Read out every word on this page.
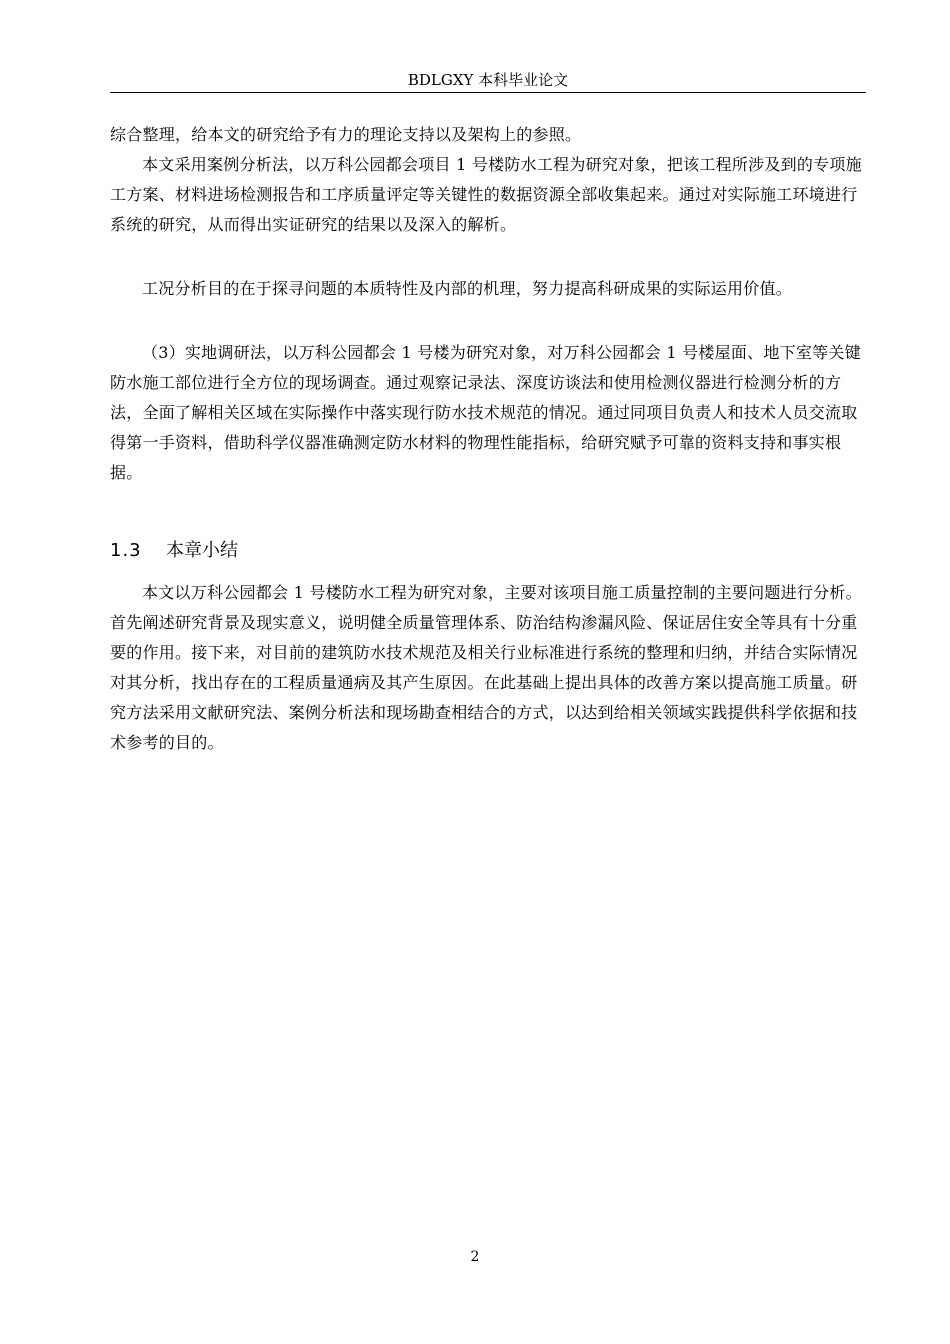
BDLGXY 本科毕业论文

综合整理，给本文的研究给予有力的理论支持以及架构上的参照。

本文采用案例分析法，以万科公园都会项目 1 号楼防水工程为研究对象，把该工程所涉及到的专项施工方案、材料进场检测报告和工序质量评定等关键性的数据资源全部收集起来。通过对实际施工环境进行系统的研究，从而得出实证研究的结果以及深入的解析。

工况分析目的在于探寻问题的本质特性及内部的机理，努力提高科研成果的实际运用价值。

（3）实地调研法，以万科公园都会 1 号楼为研究对象，对万科公园都会 1 号楼屋面、地下室等关键防水施工部位进行全方位的现场调查。通过观察记录法、深度访谈法和使用检测仪器进行检测分析的方法，全面了解相关区域在实际操作中落实现行防水技术规范的情况。通过同项目负责人和技术人员交流取得第一手资料，借助科学仪器准确测定防水材料的物理性能指标，给研究赋予可靠的资料支持和事实根据。

1.3 本章小结

本文以万科公园都会 1 号楼防水工程为研究对象，主要对该项目施工质量控制的主要问题进行分析。首先阐述研究背景及现实意义，说明健全质量管理体系、防治结构渗漏风险、保证居住安全等具有十分重要的作用。接下来，对目前的建筑防水技术规范及相关行业标准进行系统的整理和归纳，并结合实际情况对其分析，找出存在的工程质量通病及其产生原因。在此基础上提出具体的改善方案以提高施工质量。研究方法采用文献研究法、案例分析法和现场勘查相结合的方式，以达到给相关领域实践提供科学依据和技术参考的目的。

2
